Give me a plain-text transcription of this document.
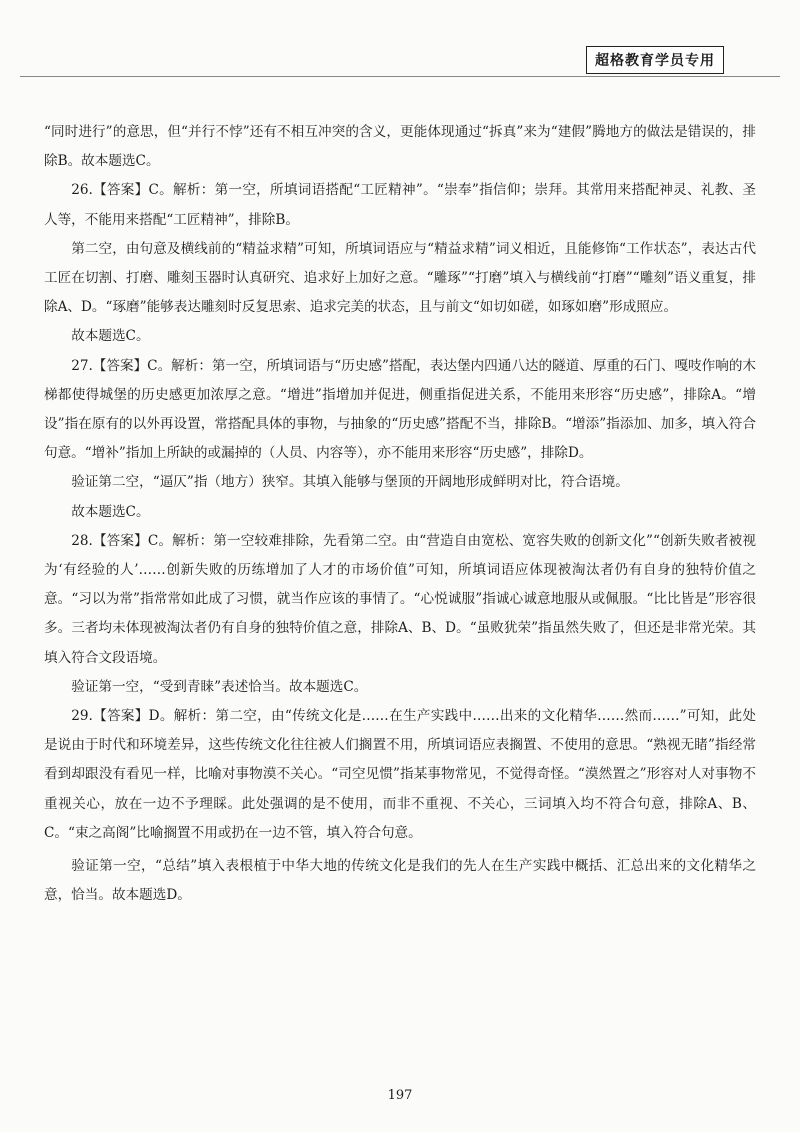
超格教育学员专用

“同时进行”的意思，但“并行不悖”还有不相互冲突的含义，更能体现通过“拆真”来为“建假”腾地方的做法是错误的，排除B。故本题选C。

26.【答案】C。解析：第一空，所填词语搭配“工匠精神”。“崇奉”指信仰；崇拜。其常用来搭配神灵、礼教、圣人等，不能用来搭配“工匠精神”，排除B。

第二空，由句意及横线前的“精益求精”可知，所填词语应与“精益求精”词义相近，且能修饰“工作状态”，表达古代工匠在切割、打磨、雕刻玉器时认真研究、追求好上加好之意。“雕琢”“打磨”填入与横线前“打磨”“雕刻”语义重复，排除A、D。“琢磨”能够表达雕刻时反复思索、追求完美的状态，且与前文“如切如磋，如琢如磨”形成照应。

故本题选C。

27.【答案】C。解析：第一空，所填词语与“历史感”搭配，表达堡内四通八达的隧道、厚重的石门、嘎吱作响的木梯都使得城堡的历史感更加浓厚之意。“增进”指增加并促进，侧重指促进关系，不能用来形容“历史感”，排除A。“增设”指在原有的以外再设置，常搭配具体的事物，与抽象的“历史感”搭配不当，排除B。“增添”指添加、加多，填入符合句意。“增补”指加上所缺的或漏掉的（人员、内容等），亦不能用来形容“历史感”，排除D。

验证第二空，“逼仄”指（地方）狭窄。其填入能够与堡顶的开阔地形成鲜明对比，符合语境。

故本题选C。

28.【答案】C。解析：第一空较难排除，先看第二空。由“营造自由宽松、宽容失败的创新文化”“创新失败者被视为‘有经验的人’……创新失败的历练增加了人才的市场价值”可知，所填词语应体现被淘汰者仍有自身的独特价值之意。“习以为常”指常常如此成了习惯，就当作应该的事情了。“心悦诚服”指诚心诚意地服从或佩服。“比比皆是”形容很多。三者均未体现被淘汰者仍有自身的独特价值之意，排除A、B、D。“虽败犹荣”指虽然失败了，但还是非常光荣。其填入符合文段语境。

验证第一空，“受到青睐”表述恰当。故本题选C。

29.【答案】D。解析：第二空，由“传统文化是……在生产实践中……出来的文化精华……然而……”可知，此处是说由于时代和环境差异，这些传统文化往往被人们搁置不用，所填词语应表搁置、不使用的意思。“熟视无睹”指经常看到却跟没有看见一样，比喻对事物漠不关心。“司空见惯”指某事物常见，不觉得奇怪。“漠然置之”形容对人对事物不重视关心，放在一边不予理睬。此处强调的是不使用，而非不重视、不关心，三词填入均不符合句意，排除A、B、C。“束之高阁”比喻搁置不用或扔在一边不管，填入符合句意。

验证第一空，“总结”填入表根植于中华大地的传统文化是我们的先人在生产实践中概括、汇总出来的文化精华之意，恰当。故本题选D。

197
